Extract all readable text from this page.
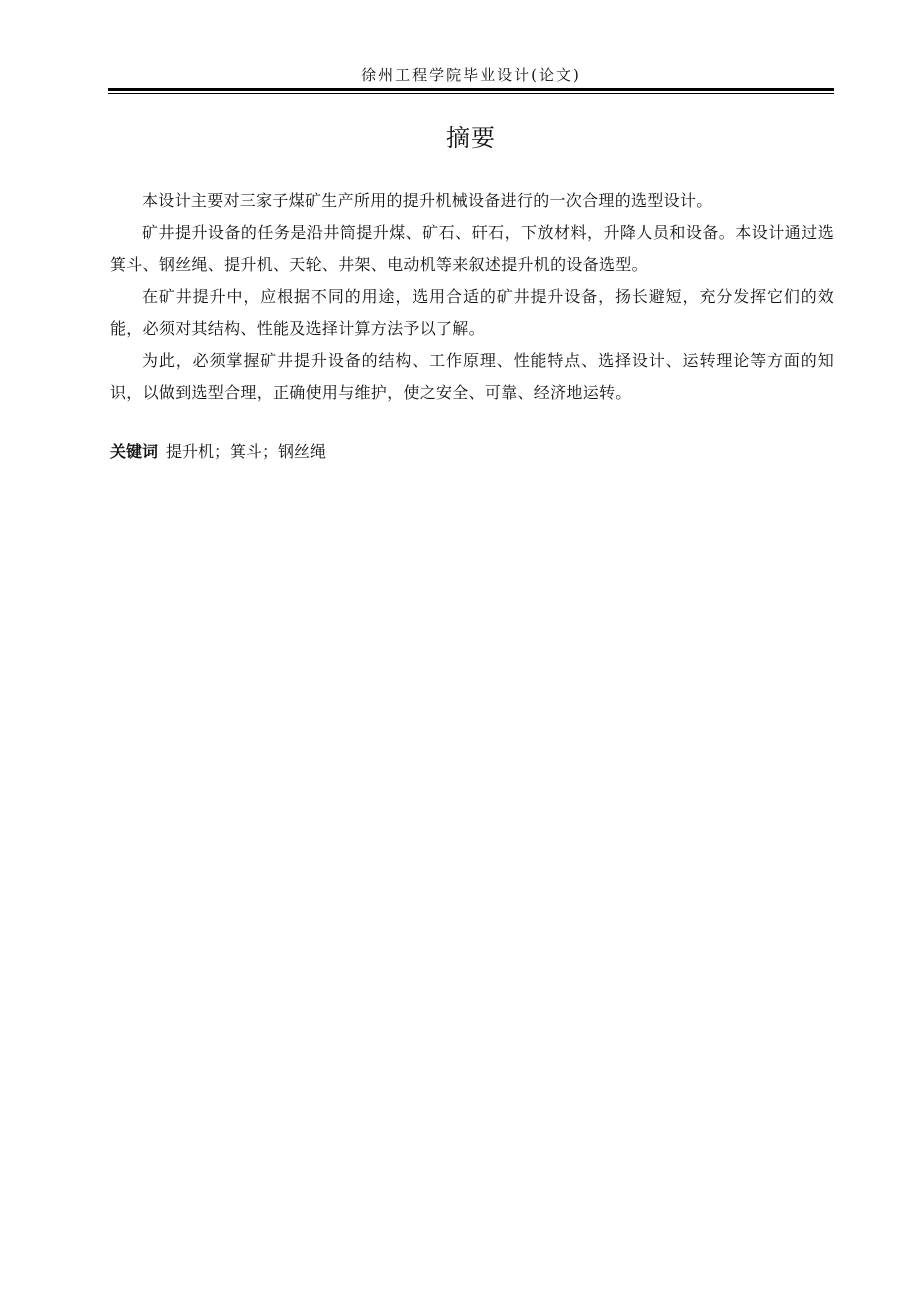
徐州工程学院毕业设计(论文)
摘要

本设计主要对三家子煤矿生产所用的提升机械设备进行的一次合理的选型设计。

矿井提升设备的任务是沿井筒提升煤、矿石、矸石，下放材料，升降人员和设备。本设计通过选箕斗、钢丝绳、提升机、天轮、井架、电动机等来叙述提升机的设备选型。

在矿井提升中，应根据不同的用途，选用合适的矿井提升设备，扬长避短，充分发挥它们的效能，必须对其结构、性能及选择计算方法予以了解。

为此，必须掌握矿井提升设备的结构、工作原理、性能特点、选择设计、运转理论等方面的知识，以做到选型合理，正确使用与维护，使之安全、可靠、经济地运转。

关键词 提升机；箕斗；钢丝绳
